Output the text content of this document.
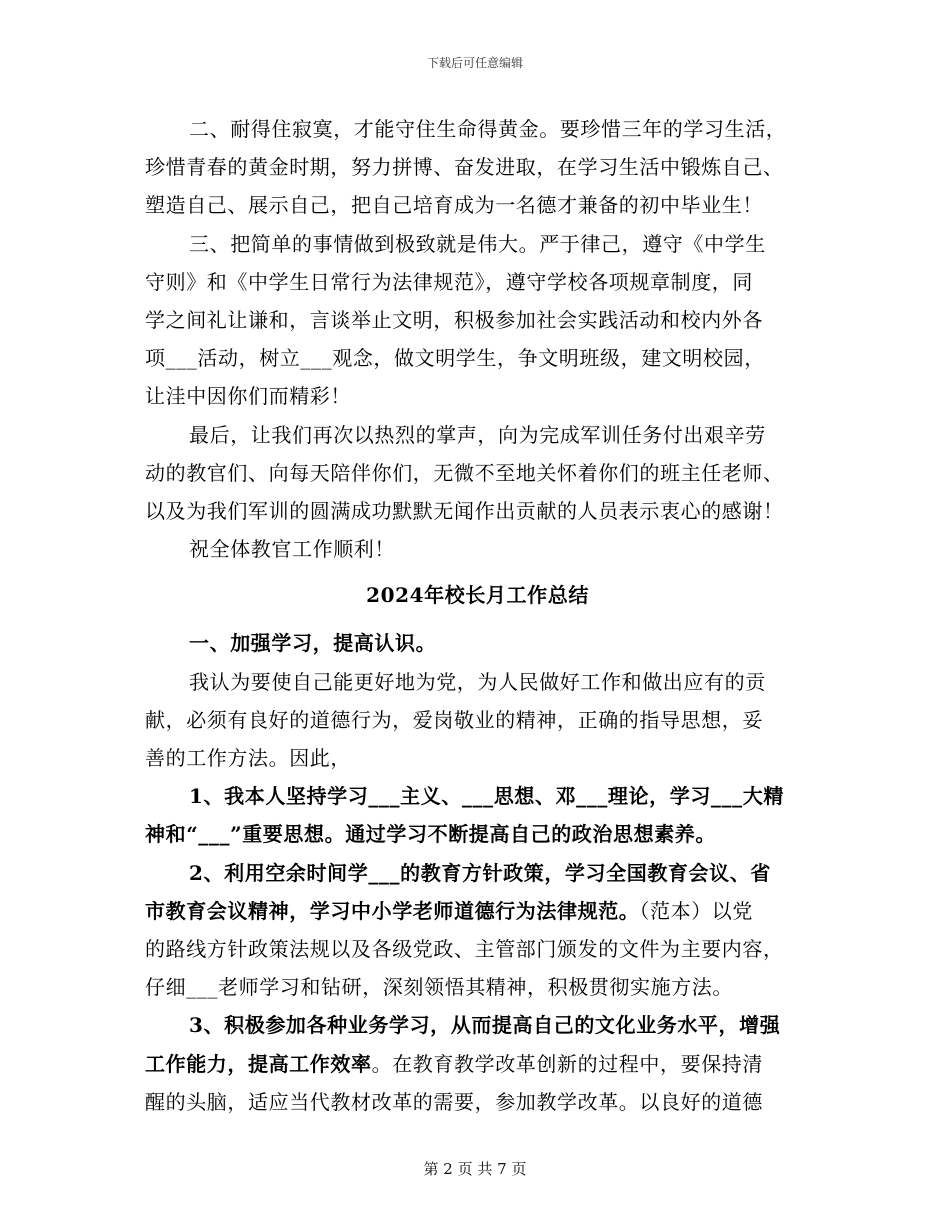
下载后可任意编辑
二、耐得住寂寞，才能守住生命得黄金。要珍惜三年的学习生活，
珍惜青春的黄金时期，努力拼博、奋发进取，在学习生活中锻炼自己、
塑造自己、展示自己，把自己培育成为一名德才兼备的初中毕业生！
三、把简单的事情做到极致就是伟大。严于律己，遵守《中学生
守则》和《中学生日常行为法律规范》，遵守学校各项规章制度，同
学之间礼让谦和，言谈举止文明，积极参加社会实践活动和校内外各
项___活动，树立___观念，做文明学生，争文明班级，建文明校园，
让洼中因你们而精彩！
最后，让我们再次以热烈的掌声，向为完成军训任务付出艰辛劳
动的教官们、向每天陪伴你们，无微不至地关怀着你们的班主任老师、
以及为我们军训的圆满成功默默无闻作出贡献的人员表示衷心的感谢！
祝全体教官工作顺利！
2024年校长月工作总结
一、加强学习，提高认识。
我认为要使自己能更好地为党，为人民做好工作和做出应有的贡
献，必须有良好的道德行为，爱岗敬业的精神，正确的指导思想，妥
善的工作方法。因此，
1、我本人坚持学习___主义、___思想、邓___理论，学习___大精
神和“___”重要思想。通过学习不断提高自己的政治思想素养。
2、利用空余时间学___的教育方针政策，学习全国教育会议、省
市教育会议精神，学习中小学老师道德行为法律规范。（范本）以党
的路线方针政策法规以及各级党政、主管部门颁发的文件为主要内容，
仔细___老师学习和钻研，深刻领悟其精神，积极贯彻实施方法。
3、积极参加各种业务学习，从而提高自己的文化业务水平，增强
工作能力，提高工作效率。在教育教学改革创新的过程中，要保持清
醒的头脑，适应当代教材改革的需要，参加教学改革。以良好的道德
第 2 页 共 7 页
